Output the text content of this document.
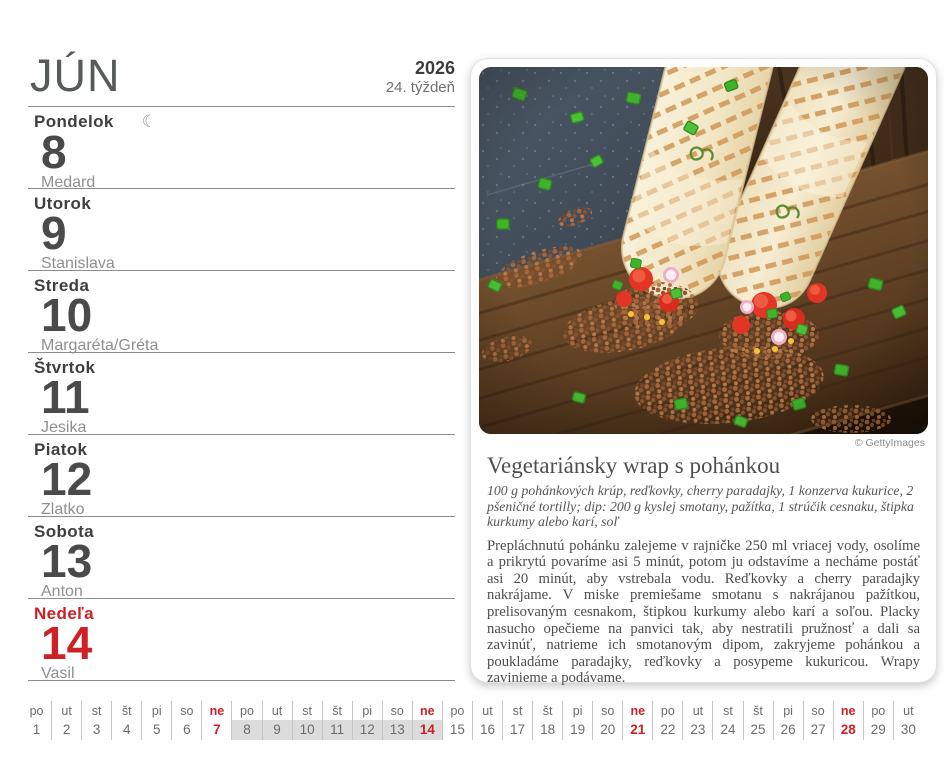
JÚN	2026
24. týždeň
Pondelok ☾
8
Medard
Utorok
9
Stanislava
Streda
10
Margaréta/Gréta
Štvrtok
11
Jesika
Piatok
12
Zlatko
Sobota
13
Anton
Nedeľa
14
Vasil
© GettyImages
Vegetariánsky wrap s pohánkou
100 g pohánkových krúp, reďkovky, cherry paradajky, 1 konzerva kukurice, 2 pšeničné tortilly; dip: 200 g kyslej smotany, pažítka, 1 strúčik cesnaku, štipka kurkumy alebo karí, soľ
Prepláchnutú pohánku zalejeme v rajničke 250 ml vriacej vody, osolíme a prikrytú povaríme asi 5 minút, potom ju odstavíme a necháme postáť asi 20 minút, aby vstrebala vodu. Reďkovky a cherry paradajky nakrájame. V miske premiešame smotanu s nakrájanou pažítkou, prelisovaným cesnakom, štipkou kurkumy alebo karí a soľou. Placky nasucho opečieme na panvici tak, aby nestratili pružnosť a dali sa zavinúť, natrieme ich smotanovým dipom, zakryjeme pohánkou a poukladáme paradajky, reďkovky a posypeme kukuricou. Wrapy zavinieme a podávame.
po
1
ut
2
st
3
št
4
pi
5
so
6
ne
7
po
8
ut
9
st
10
št
11
pi
12
so
13
ne
14
po
15
ut
16
st
17
št
18
pi
19
so
20
ne
21
po
22
ut
23
st
24
št
25
pi
26
so
27
ne
28
po
29
ut
30
